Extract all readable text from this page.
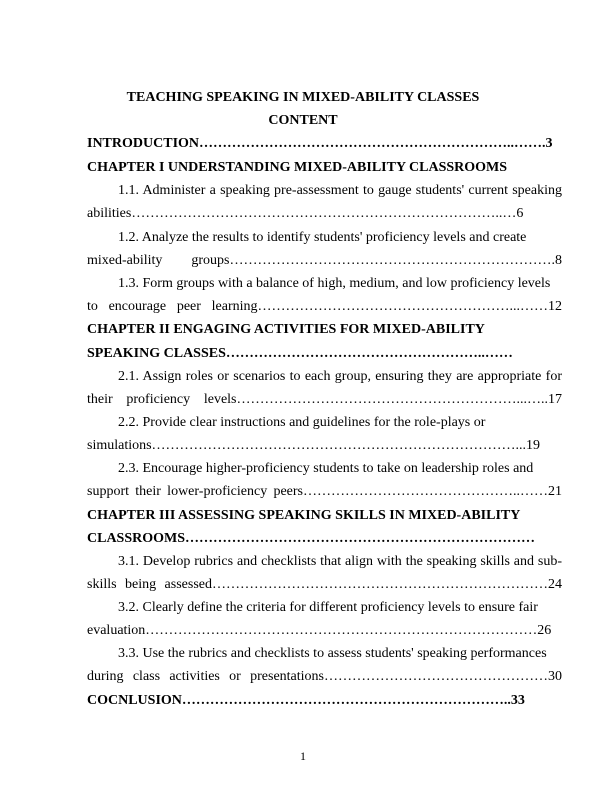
TEACHING SPEAKING IN MIXED-ABILITY CLASSES
CONTENT
INTRODUCTION…………………………………………………………..…….3
CHAPTER I UNDERSTANDING MIXED-ABILITY CLASSROOMS
1.1. Administer a speaking pre-assessment to gauge students' current speaking
abilities……………………………………………………………………..…6
1.2. Analyze the results to identify students' proficiency levels and create
mixed-ability groups…………………………………………………………….8
1.3. Form groups with a balance of high, medium, and low proficiency levels
to encourage peer learning………………………………………………...……12
CHAPTER II ENGAGING ACTIVITIES FOR MIXED-ABILITY
SPEAKING CLASSES………………………………………………..……
2.1. Assign roles or scenarios to each group, ensuring they are appropriate for
their proficiency levels……………………………………………………...…..17
2.2. Provide clear instructions and guidelines for the role-plays or
simulations……………………………………………………………………...19
2.3. Encourage higher-proficiency students to take on leadership roles and
support their lower-proficiency peers………………………………………..……21
CHAPTER III ASSESSING SPEAKING SKILLS IN MIXED-ABILITY
CLASSROOMS…………………………………………………………………
3.1. Develop rubrics and checklists that align with the speaking skills and sub-
skills being assessed………………………………………………………………24
3.2. Clearly define the criteria for different proficiency levels to ensure fair
evaluation…………………………………………………………………………26
3.3. Use the rubrics and checklists to assess students' speaking performances
during class activities or presentations…………………………………………30
COCNLUSION……………………………………………………………..33
1
